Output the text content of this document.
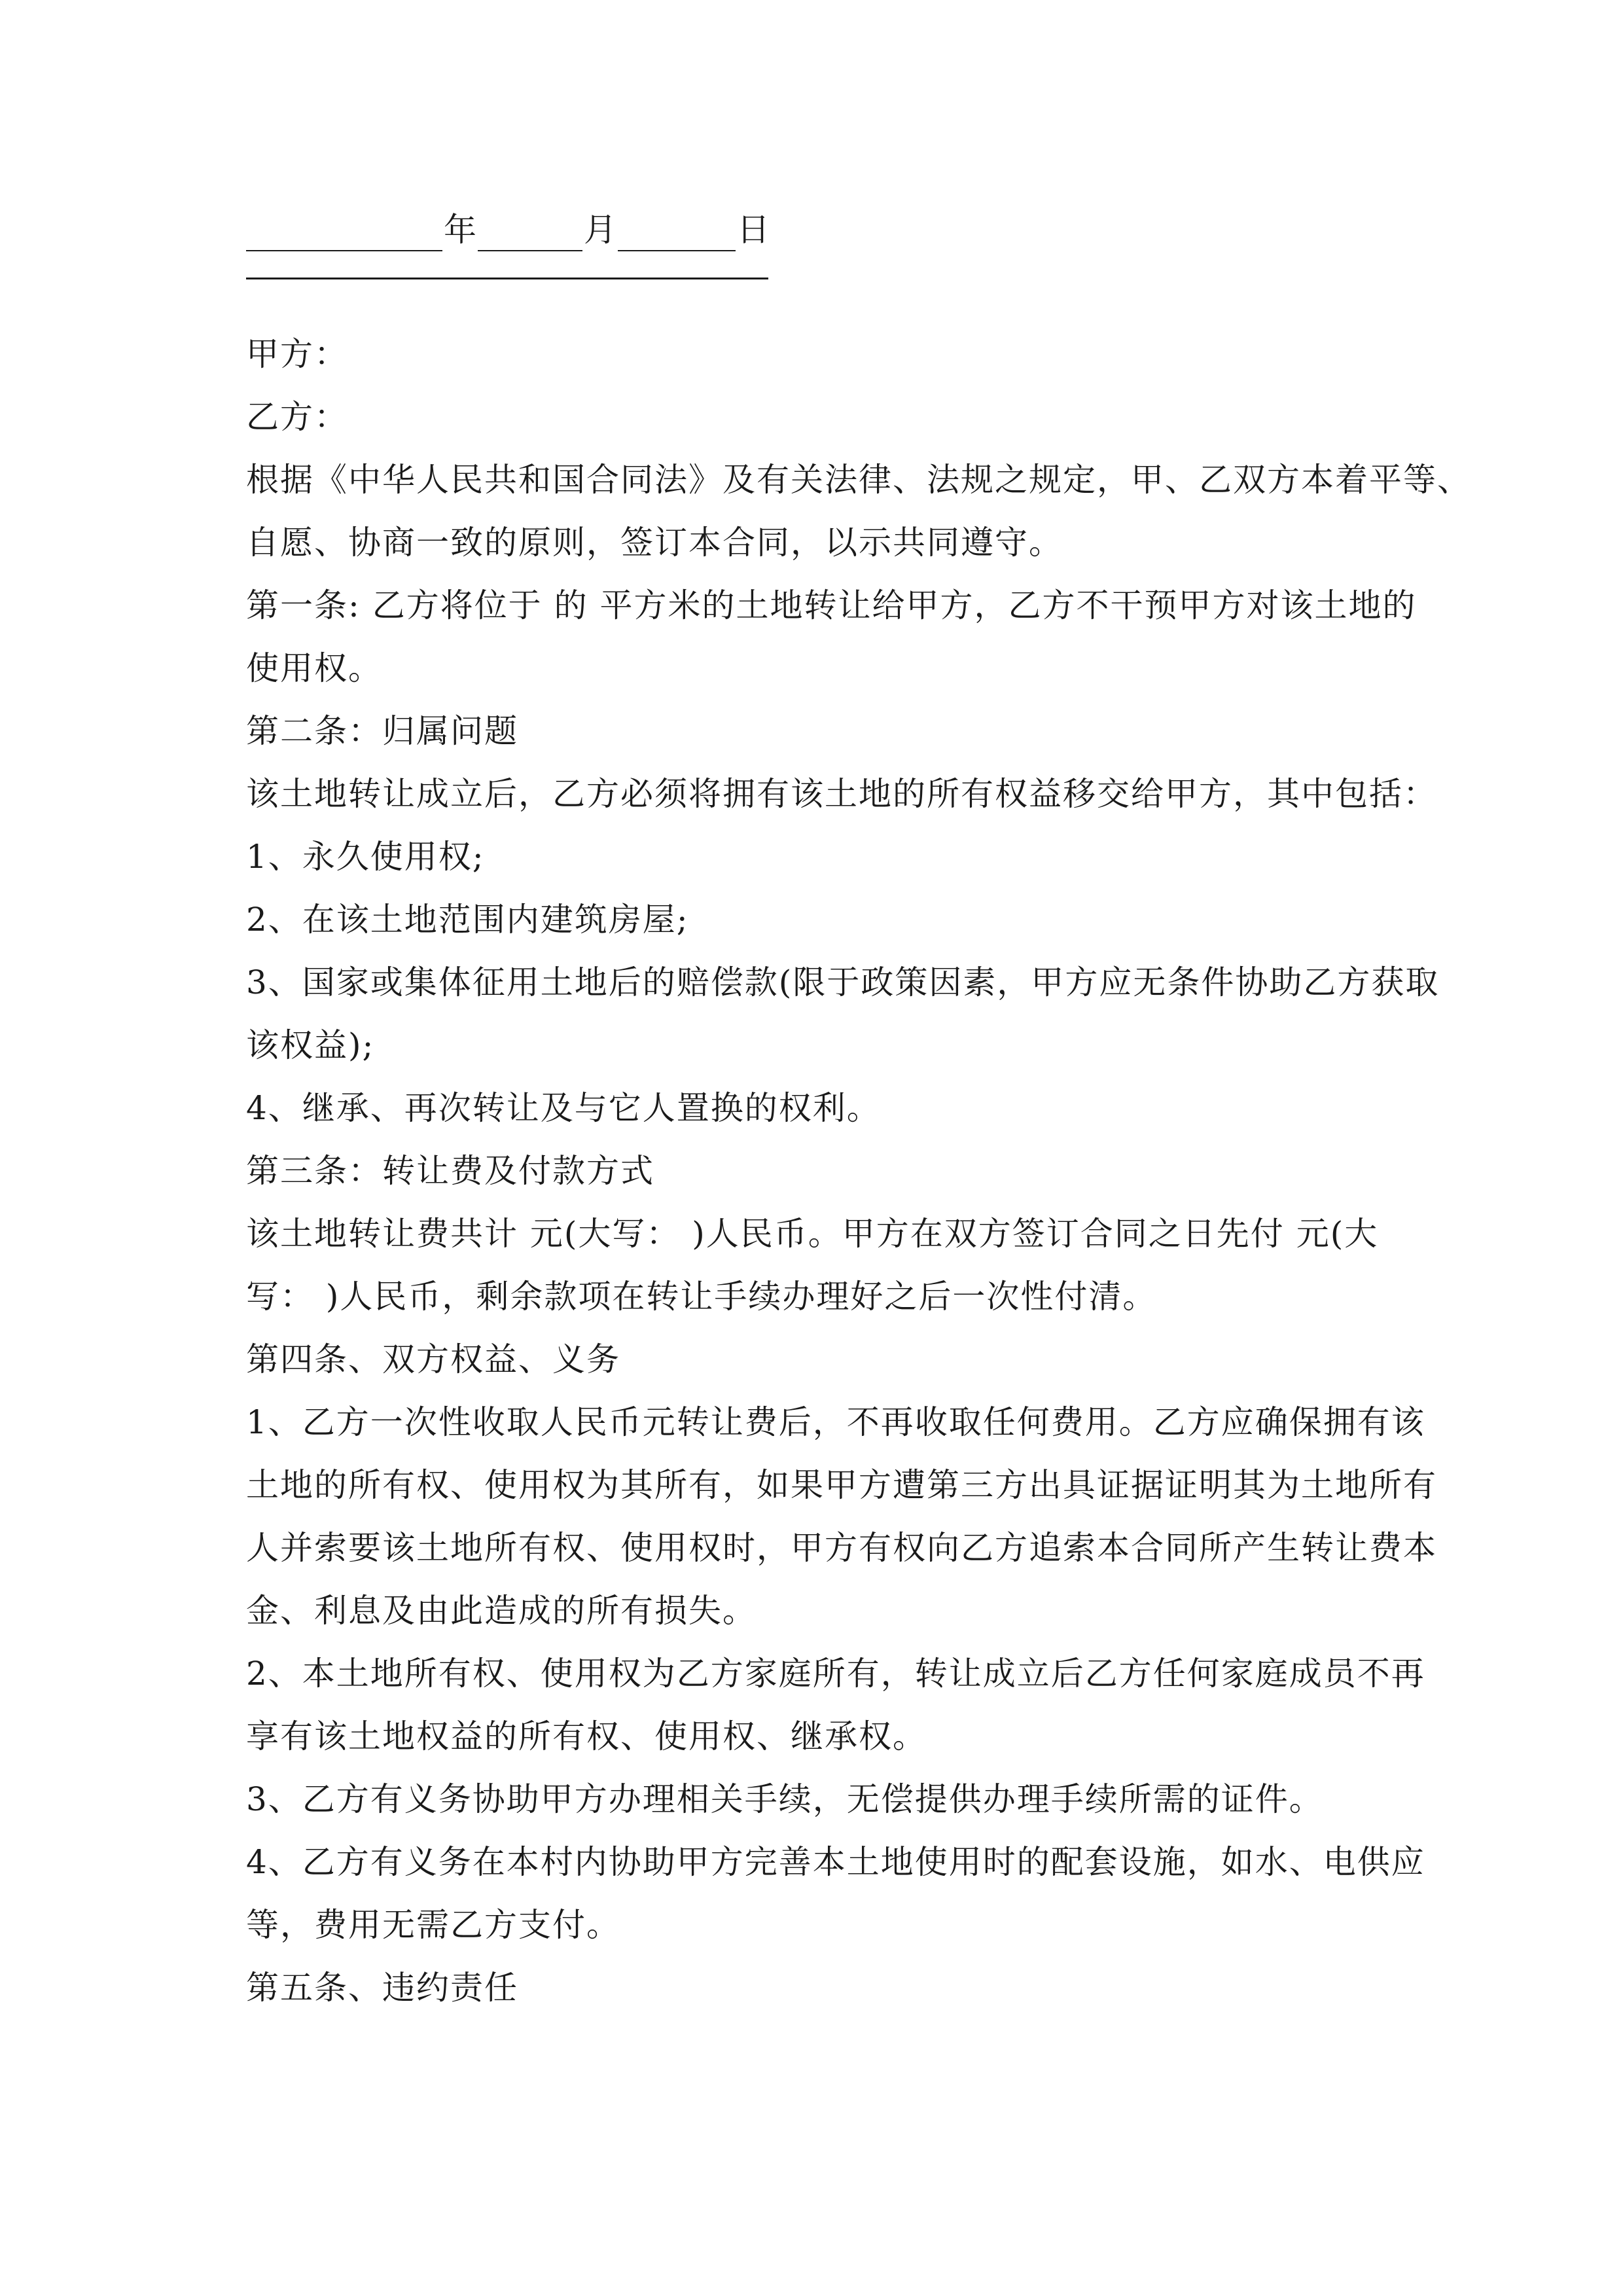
年	月	日
甲方：
乙方：
根据《中华人民共和国合同法》及有关法律、法规之规定，甲、乙双方本着平等、
自愿、协商一致的原则，签订本合同，以示共同遵守。
第一条: 乙方将位于 的 平方米的土地转让给甲方，乙方不干预甲方对该土地的
使用权。
第二条：归属问题
该土地转让成立后，乙方必须将拥有该土地的所有权益移交给甲方，其中包括：
1、永久使用权;
2、在该土地范围内建筑房屋;
3、国家或集体征用土地后的赔偿款(限于政策因素，甲方应无条件协助乙方获取
该权益);
4、继承、再次转让及与它人置换的权利。
第三条：转让费及付款方式
该土地转让费共计 元(大写： )人民币。甲方在双方签订合同之日先付 元(大
写： )人民币，剩余款项在转让手续办理好之后一次性付清。
第四条、双方权益、义务
1、乙方一次性收取人民币元转让费后，不再收取任何费用。乙方应确保拥有该
土地的所有权、使用权为其所有，如果甲方遭第三方出具证据证明其为土地所有
人并索要该土地所有权、使用权时，甲方有权向乙方追索本合同所产生转让费本
金、利息及由此造成的所有损失。
2、本土地所有权、使用权为乙方家庭所有，转让成立后乙方任何家庭成员不再
享有该土地权益的所有权、使用权、继承权。
3、乙方有义务协助甲方办理相关手续，无偿提供办理手续所需的证件。
4、乙方有义务在本村内协助甲方完善本土地使用时的配套设施，如水、电供应
等，费用无需乙方支付。
第五条、违约责任
